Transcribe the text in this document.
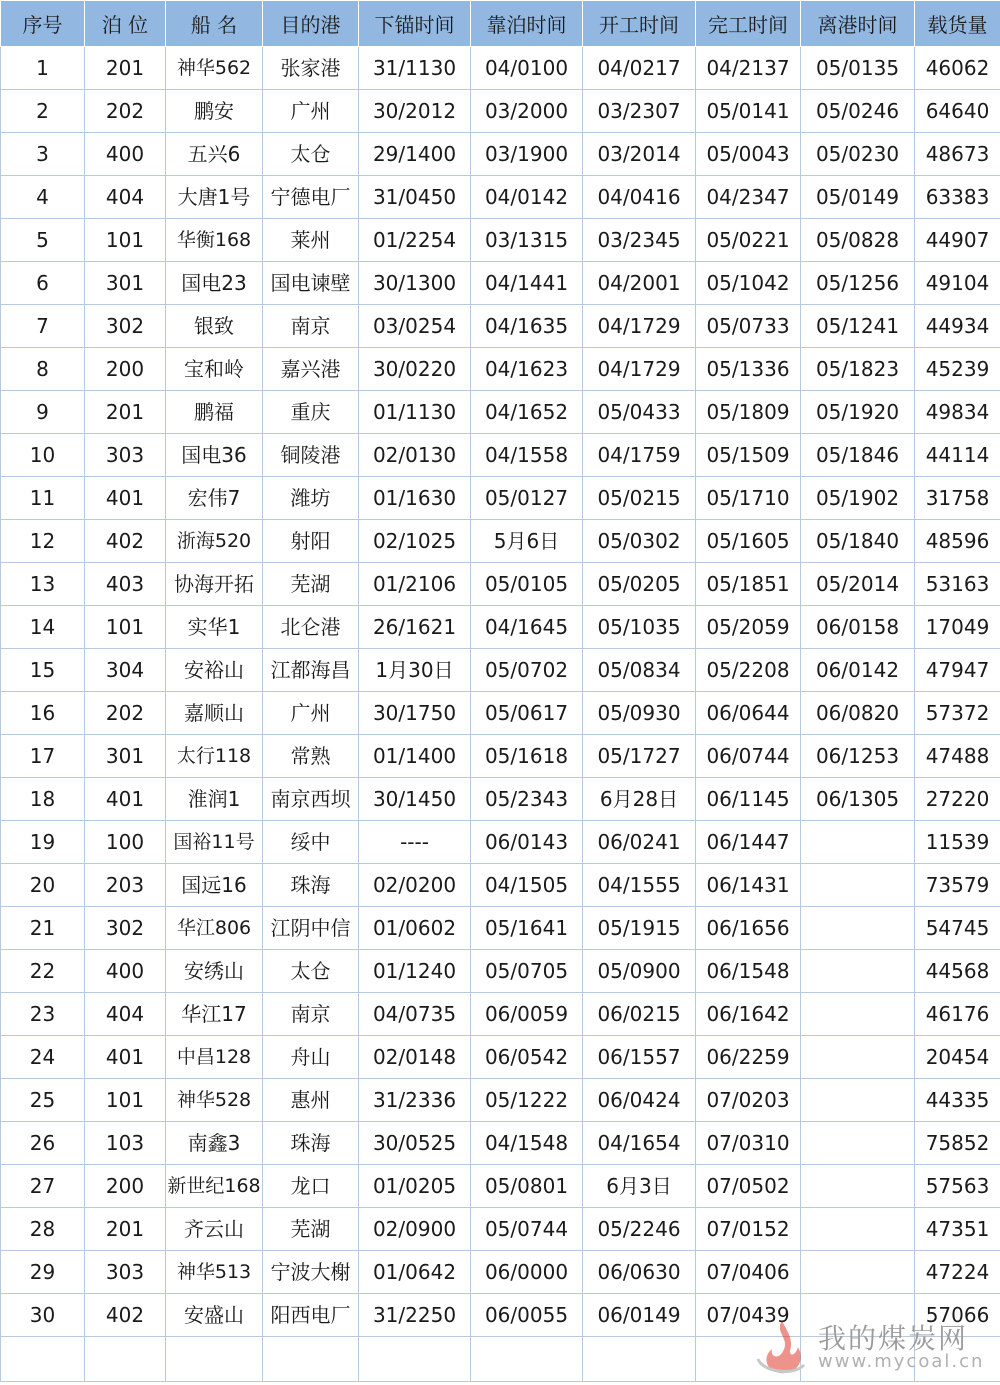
序号	泊 位	船 名	目的港	下锚时间	靠泊时间	开工时间	完工时间	离港时间	载货量
1	201	神华562	张家港	31/1130	04/0100	04/0217	04/2137	05/0135	46062
2	202	鹏安	广州	30/2012	03/2000	03/2307	05/0141	05/0246	64640
3	400	五兴6	太仓	29/1400	03/1900	03/2014	05/0043	05/0230	48673
4	404	大唐1号	宁德电厂	31/0450	04/0142	04/0416	04/2347	05/0149	63383
5	101	华衡168	莱州	01/2254	03/1315	03/2345	05/0221	05/0828	44907
6	301	国电23	国电谏壁	30/1300	04/1441	04/2001	05/1042	05/1256	49104
7	302	银致	南京	03/0254	04/1635	04/1729	05/0733	05/1241	44934
8	200	宝和岭	嘉兴港	30/0220	04/1623	04/1729	05/1336	05/1823	45239
9	201	鹏福	重庆	01/1130	04/1652	05/0433	05/1809	05/1920	49834
10	303	国电36	铜陵港	02/0130	04/1558	04/1759	05/1509	05/1846	44114
11	401	宏伟7	潍坊	01/1630	05/0127	05/0215	05/1710	05/1902	31758
12	402	浙海520	射阳	02/1025	5月6日	05/0302	05/1605	05/1840	48596
13	403	协海开拓	芜湖	01/2106	05/0105	05/0205	05/1851	05/2014	53163
14	101	实华1	北仑港	26/1621	04/1645	05/1035	05/2059	06/0158	17049
15	304	安裕山	江都海昌	1月30日	05/0702	05/0834	05/2208	06/0142	47947
16	202	嘉顺山	广州	30/1750	05/0617	05/0930	06/0644	06/0820	57372
17	301	太行118	常熟	01/1400	05/1618	05/1727	06/0744	06/1253	47488
18	401	淮润1	南京西坝	30/1450	05/2343	6月28日	06/1145	06/1305	27220
19	100	国裕11号	绥中	----	06/0143	06/0241	06/1447		11539
20	203	国远16	珠海	02/0200	04/1505	04/1555	06/1431		73579
21	302	华江806	江阴中信	01/0602	05/1641	05/1915	06/1656		54745
22	400	安绣山	太仓	01/1240	05/0705	05/0900	06/1548		44568
23	404	华江17	南京	04/0735	06/0059	06/0215	06/1642		46176
24	401	中昌128	舟山	02/0148	06/0542	06/1557	06/2259		20454
25	101	神华528	惠州	31/2336	05/1222	06/0424	07/0203		44335
26	103	南鑫3	珠海	30/0525	04/1548	04/1654	07/0310		75852
27	200	新世纪168	龙口	01/0205	05/0801	6月3日	07/0502		57563
28	201	齐云山	芜湖	02/0900	05/0744	05/2246	07/0152		47351
29	303	神华513	宁波大榭	01/0642	06/0000	06/0630	07/0406		47224
30	402	安盛山	阳西电厂	31/2250	06/0055	06/0149	07/0439		57066

我的煤炭网
www.mycoal.cn
